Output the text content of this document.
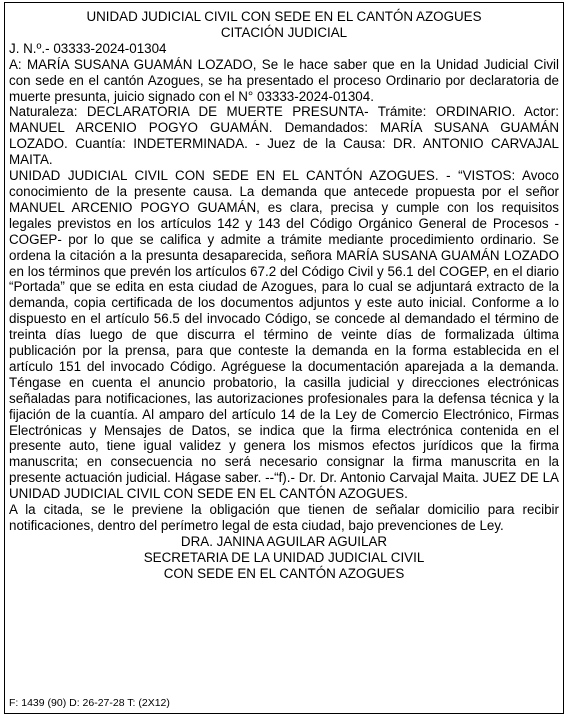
UNIDAD JUDICIAL CIVIL CON SEDE EN EL CANTÓN AZOGUES
CITACIÓN JUDICIAL

J. N.º.- 03333-2024-01304

A: MARÍA SUSANA GUAMÁN LOZADO, Se le hace saber que en la Unidad Judicial Civil con sede en el cantón Azogues, se ha presentado el proceso Ordinario por declaratoria de muerte presunta, juicio signado con el N° 03333-2024-01304.

Naturaleza: DECLARATORIA DE MUERTE PRESUNTA- Trámite: ORDINARIO. Actor: MANUEL ARCENIO POGYO GUAMÁN. Demandados: MARÍA SUSANA GUAMÁN LOZADO. Cuantía: INDETERMINADA. - Juez de la Causa: DR. ANTONIO CARVAJAL MAITA.

UNIDAD JUDICIAL CIVIL CON SEDE EN EL CANTÓN AZOGUES. - “VISTOS: Avoco conocimiento de la presente causa. La demanda que antecede propuesta por el señor MANUEL ARCENIO POGYO GUAMÁN, es clara, precisa y cumple con los requisitos legales previstos en los artículos 142 y 143 del Código Orgánico General de Procesos -COGEP- por lo que se califica y admite a trámite mediante procedimiento ordinario. Se ordena la citación a la presunta desaparecida, señora MARÍA SUSANA GUAMÁN LOZADO en los términos que prevén los artículos 67.2 del Código Civil y 56.1 del COGEP, en el diario “Portada” que se edita en esta ciudad de Azogues, para lo cual se adjuntará extracto de la demanda, copia certificada de los documentos adjuntos y este auto inicial. Conforme a lo dispuesto en el artículo 56.5 del invocado Código, se concede al demandado el término de treinta días luego de que discurra el término de veinte días de formalizada última publicación por la prensa, para que conteste la demanda en la forma establecida en el artículo 151 del invocado Código. Agréguese la documentación aparejada a la demanda. Téngase en cuenta el anuncio probatorio, la casilla judicial y direcciones electrónicas señaladas para notificaciones, las autorizaciones profesionales para la defensa técnica y la fijación de la cuantía. Al amparo del artículo 14 de la Ley de Comercio Electrónico, Firmas Electrónicas y Mensajes de Datos, se indica que la firma electrónica contenida en el presente auto, tiene igual validez y genera los mismos efectos jurídicos que la firma manuscrita; en consecuencia no será necesario consignar la firma manuscrita en la presente actuación judicial. Hágase saber. --“f).- Dr. Dr. Antonio Carvajal Maita. JUEZ DE LA UNIDAD JUDICIAL CIVIL CON SEDE EN EL CANTÓN AZOGUES.

A la citada, se le previene la obligación que tienen de señalar domicilio para recibir notificaciones, dentro del perímetro legal de esta ciudad, bajo prevenciones de Ley.

DRA. JANINA AGUILAR AGUILAR

SECRETARIA DE LA UNIDAD JUDICIAL CIVIL

CON SEDE EN EL CANTÓN AZOGUES

F: 1439 (90) D: 26-27-28 T: (2X12)
